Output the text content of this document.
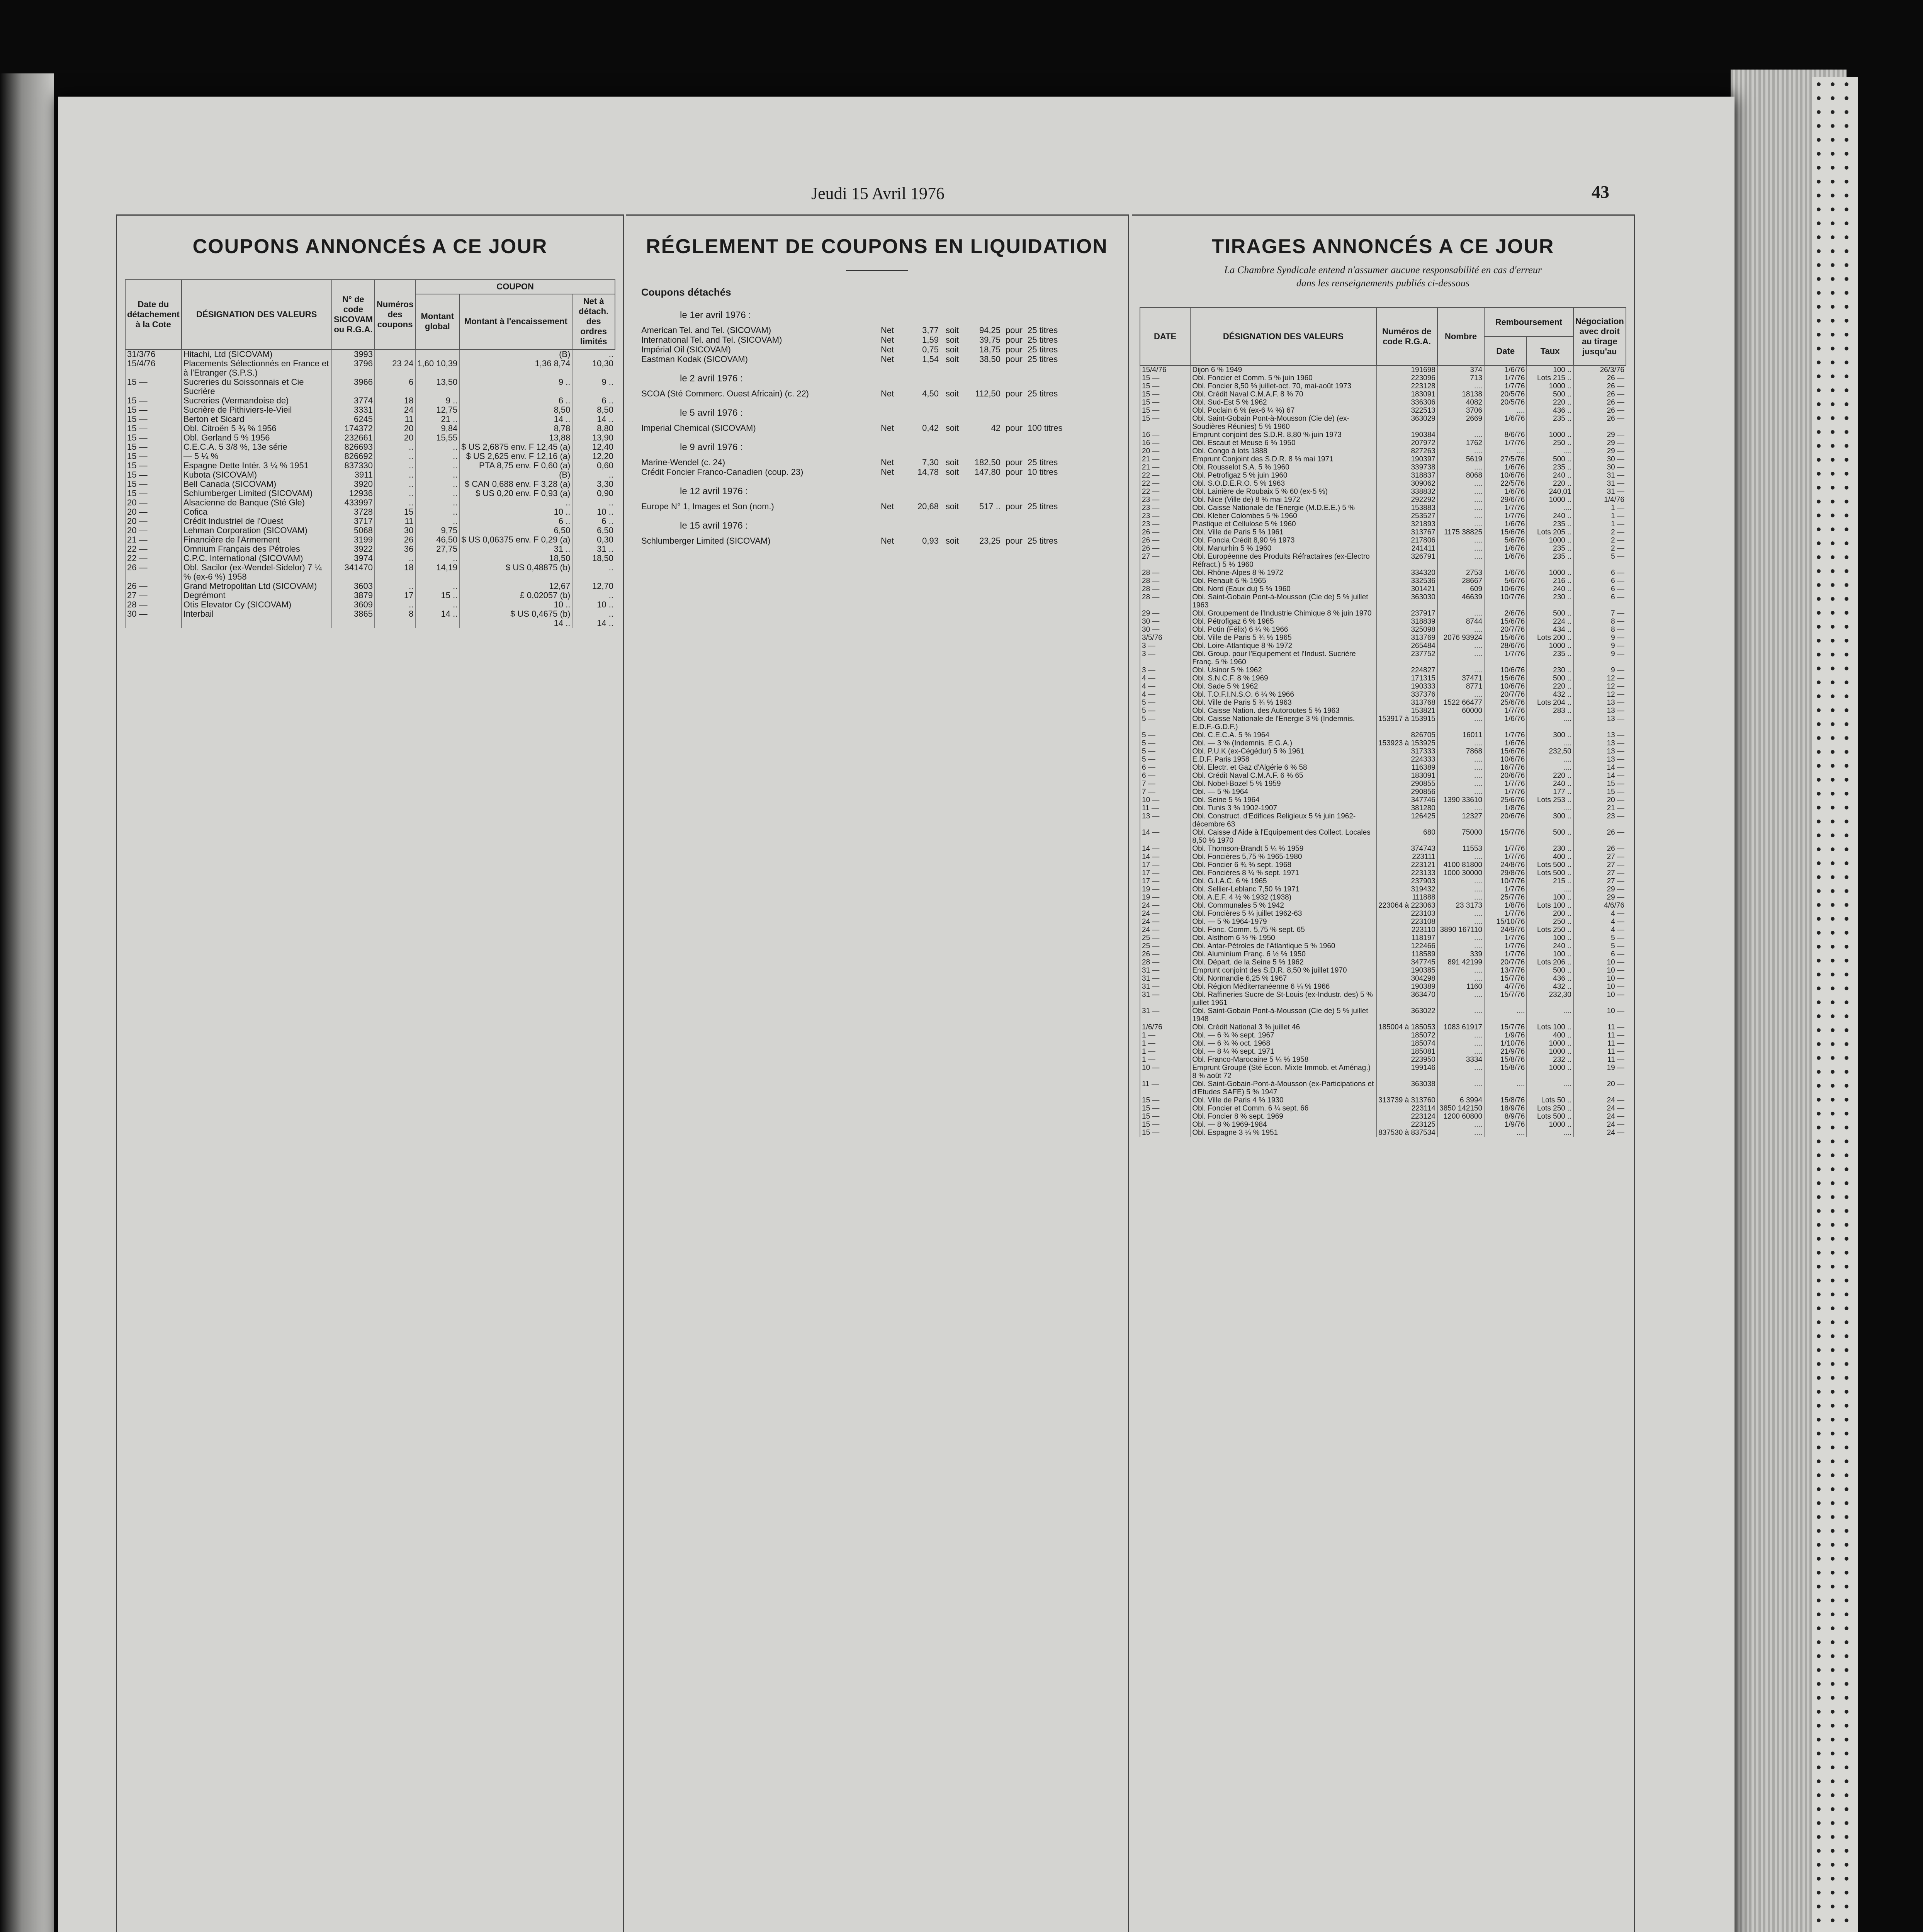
Jeudi 15 Avril 1976	43
COUPONS ANNONCÉS A CE JOUR
Date du détachement à la Cote	DÉSIGNATION DES VALEURS	N° de code SICOVAM ou R.G.A.	Numéros des coupons	COUPON		
				Montant global	Montant à l'encaissement	Net à détach. des ordres limités
31/3/76	Hitachi, Ltd (SICOVAM)	3993			(B)	..
15/4/76	Placements Sélectionnés en France et à l'Etranger (S.P.S.)	3796	23 24	1,60 10,39	1,36 8,74	10,30
15 —	Sucreries du Soissonnais et Cie Sucrière	3966	6	13,50	9 ..	9 ..
15 —	Sucreries (Vermandoise de)	3774	18	9 ..	6 ..	6 ..
15 —	Sucrière de Pithiviers-le-Vieil	3331	24	12,75	8,50	8,50
15 —	Berton et Sicard	6245	11	21 ..	14 ..	14 ..
15 —	Obl. Citroën 5 ¾ % 1956	174372	20	9,84	8,78	8,80
15 —	Obl. Gerland 5 % 1956	232661	20	15,55	13,88	13,90
15 —	C.E.C.A. 5 3/8 %, 13e série	826693	..	..	$ US 2,6875 env. F 12,45 (a)	12,40
15 —	— 5 ¼ %	826692	..	..	$ US 2,625 env. F 12,16 (a)	12,20
15 —	Espagne Dette Intér. 3 ¼ % 1951	837330	..	..	PTA 8,75 env. F 0,60 (a)	0,60
15 —	Kubota (SICOVAM)	3911	..	..	(B)	..
15 —	Bell Canada (SICOVAM)	3920	..	..	$ CAN 0,688 env. F 3,28 (a)	3,30
15 —	Schlumberger Limited (SICOVAM)	12936	..	..	$ US 0,20 env. F 0,93 (a)	0,90
20 —	Alsacienne de Banque (Sté Gle)	433997	..	..	..	..
20 —	Cofica	3728	15	..	10 ..	10 ..
20 —	Crédit Industriel de l'Ouest	3717	11	..	6 ..	6 ..
20 —	Lehman Corporation (SICOVAM)	5068	30	9,75	6,50	6,50
21 —	Financière de l'Armement	3199	26	46,50	$ US 0,06375 env. F 0,29 (a)	0,30
22 —	Omnium Français des Pétroles	3922	36	27,75	31 ..	31 ..
22 —	C.P.C. International (SICOVAM)	3974	..	..	18,50	18,50
26 —	Obl. Sacilor (ex-Wendel-Sidelor) 7 ¼ % (ex-6 %) 1958	341470	18	14,19	$ US 0,48875 (b)	..
26 —	Grand Metropolitan Ltd (SICOVAM)	3603	..	..	12,67	12,70
27 —	Degrémont	3879	17	15 ..	£ 0,02057 (b)	..
28 —	Otis Elevator Cy (SICOVAM)	3609	..	..	10 ..	10 ..
30 —	Interbail	3865	8	14 ..	$ US 0,4675 (b)	..
					14 ..	14 ..
RÉGLEMENT DE COUPONS EN LIQUIDATION
Coupons détachés
le 1er avril 1976 :
American Tel. and Tel. (SICOVAM)	Net	3,77 soit	94,25 pour 25 titres
International Tel. and Tel. (SICOVAM)	Net	1,59 soit	39,75 pour 25 titres
Impérial Oil (SICOVAM)	Net	0,75 soit	18,75 pour 25 titres
Eastman Kodak (SICOVAM)	Net	1,54 soit	38,50 pour 25 titres
le 2 avril 1976 :
SCOA (Sté Commerc. Ouest Africain) (c. 22)	Net	4,50 soit	112,50 pour 25 titres
le 5 avril 1976 :
Imperial Chemical (SICOVAM)	Net	0,42 soit	42 pour 100 titres
le 9 avril 1976 :
Marine-Wendel (c. 24)	Net	7,30 soit	182,50 pour 25 titres
Crédit Foncier Franco-Canadien (coup. 23)	Net	14,78 soit	147,80 pour 10 titres
le 12 avril 1976 :
Europe N° 1, Images et Son (nom.)	Net	20,68 soit	517 .. pour 25 titres
le 15 avril 1976 :
Schlumberger Limited (SICOVAM)	Net	0,93 soit	23,25 pour 25 titres
TIRAGES ANNONCÉS A CE JOUR
La Chambre Syndicale entend n'assumer aucune responsabilité en cas d'erreur
dans les renseignements publiés ci-dessous
DATE	DÉSIGNATION DES VALEURS	Numéros de code R.G.A.	Nombre	Remboursement		Négociation avec droit au tirage jusqu'au
				Date	Taux	
15/4/76	Dijon 6 % 1949	191698	374	1/6/76	100 ..	26/3/76
15 —	Obl. Foncier et Comm. 5 % juin 1960	223096	713	1/7/76	Lots 215 ..	26 —
15 —	Obl. Foncier 8,50 % juillet-oct. 70, mai-août 1973	223128	....	1/7/76	1000 ..	26 —
15 —	Obl. Crédit Naval C.M.A.F. 8 % 70	183091	18138	20/5/76	500 ..	26 —
15 —	Obl. Sud-Est 5 % 1962	336306	4082	20/5/76	220 ..	26 —
15 —	Obl. Poclain 6 % (ex-6 ¼ %) 67	322513	3706	....	436 ..	26 —
15 —	Obl. Saint-Gobain Pont-à-Mousson (Cie de) (ex-Soudières Réunies) 5 % 1960	363029	2669	1/6/76	235 ..	26 —
16 —	Emprunt conjoint des S.D.R. 8,80 % juin 1973	190384	....	8/6/76	1000 ..	29 —
16 —	Obl. Escaut et Meuse 6 % 1950	207972	1762	1/7/76	250 ..	29 —
20 —	Obl. Congo à lots 1888	827263	....	....	....	29 —
21 —	Emprunt Conjoint des S.D.R. 8 % mai 1971	190397	5619	27/5/76	500 ..	30 —
21 —	Obl. Rousselot S.A. 5 % 1960	339738	....	1/6/76	235 ..	30 —
22 —	Obl. Petrofigaz 5 % juin 1960	318837	8068	10/6/76	240 ..	31 —
22 —	Obl. S.O.D.E.R.O. 5 % 1963	309062	....	22/5/76	220 ..	31 —
22 —	Obl. Lainière de Roubaix 5 % 60 (ex-5 %)	338832	....	1/6/76	240,01	31 —
23 —	Obl. Nice (Ville de) 8 % mai 1972	292292	....	29/6/76	1000 ..	1/4/76
23 —	Obl. Caisse Nationale de l'Energie (M.D.E.E.) 5 %	153883	....	1/7/76	....	1 —
23 —	Obl. Kleber Colombes 5 % 1960	253527	....	1/7/76	240 ..	1 —
23 —	Plastique et Cellulose 5 % 1960	321893	....	1/6/76	235 ..	1 —
26 —	Obl. Ville de Paris 5 % 1961	313767	1175 38825	15/6/76	Lots 205 ..	2 —
26 —	Obl. Foncia Crédit 8,90 % 1973	217806	....	5/6/76	1000 ..	2 —
26 —	Obl. Manurhin 5 % 1960	241411	....	1/6/76	235 ..	2 —
27 —	Obl. Européenne des Produits Réfractaires (ex-Electro Réfract.) 5 % 1960	326791	....	1/6/76	235 ..	5 —
28 —	Obl. Rhône-Alpes 8 % 1972	334320	2753	1/6/76	1000 ..	6 —
28 —	Obl. Renault 6 % 1965	332536	28667	5/6/76	216 ..	6 —
28 —	Obl. Nord (Eaux du) 5 % 1960	301421	609	10/6/76	240 ..	6 —
28 —	Obl. Saint-Gobain Pont-à-Mousson (Cie de) 5 % juillet 1963	363030	46639	10/7/76	230 ..	6 —
29 —	Obl. Groupement de l'Industrie Chimique 8 % juin 1970	237917	....	2/6/76	500 ..	7 —
30 —	Obl. Pétrofigaz 6 % 1965	318839	8744	15/6/76	224 ..	8 —
30 —	Obl. Potin (Félix) 6 ¼ % 1966	325098	....	20/7/76	434 ..	8 —
3/5/76	Obl. Ville de Paris 5 ¾ % 1965	313769	2076 93924	15/6/76	Lots 200 ..	9 —
3 —	Obl. Loire-Atlantique 8 % 1972	265484	....	28/6/76	1000 ..	9 —
3 —	Obl. Group. pour l'Equipement et l'Indust. Sucrière Franç. 5 % 1960	237752	....	1/7/76	235 ..	9 —
3 —	Obl. Usinor 5 % 1962	224827	....	10/6/76	230 ..	9 —
4 —	Obl. S.N.C.F. 8 % 1969	171315	37471	15/6/76	500 ..	12 —
4 —	Obl. Sade 5 % 1962	190333	8771	10/6/76	220 ..	12 —
4 —	Obl. T.O.F.I.N.S.O. 6 ¼ % 1966	337376	....	20/7/76	432 ..	12 —
5 —	Obl. Ville de Paris 5 ¾ % 1963	313768	1522 66477	25/6/76	Lots 204 ..	13 —
5 —	Obl. Caisse Nation. des Autoroutes 5 % 1963	153821	60000	1/7/76	283 ..	13 —
5 —	Obl. Caisse Nationale de l'Energie 3 % (Indemnis. E.D.F.-G.D.F.)	153917 à 153915	....	1/6/76	....	13 —
5 —	Obl. C.E.C.A. 5 % 1964	826705	16011	1/7/76	300 ..	13 —
5 —	Obl. — 3 % (Indemnis. E.G.A.)	153923 à 153925	....	1/6/76	....	13 —
5 —	Obl. P.U.K (ex-Cégédur) 5 % 1961	317333	7868	15/6/76	232,50	13 —
5 —	E.D.F. Paris 1958	224333	....	10/6/76	....	13 —
6 —	Obl. Electr. et Gaz d'Algérie 6 % 58	116389	....	16/7/76	....	14 —
6 —	Obl. Crédit Naval C.M.A.F. 6 % 65	183091	....	20/6/76	220 ..	14 —
7 —	Obl. Nobel-Bozel 5 % 1959	290855	....	1/7/76	240 ..	15 —
7 —	Obl. — 5 % 1964	290856	....	1/7/76	177 ..	15 —
10 —	Obl. Seine 5 % 1964	347746	1390 33610	25/6/76	Lots 253 ..	20 —
11 —	Obl. Tunis 3 % 1902-1907	381280	....	1/8/76	....	21 —
13 —	Obl. Construct. d'Edifices Religieux 5 % juin 1962-décembre 63	126425	12327	20/6/76	300 ..	23 —
14 —	Obl. Caisse d'Aide à l'Equipement des Collect. Locales 8,50 % 1970	680	75000	15/7/76	500 ..	26 —
14 —	Obl. Thomson-Brandt 5 ¼ % 1959	374743	11553	1/7/76	230 ..	26 —
14 —	Obl. Foncières 5,75 % 1965-1980	223111	....	1/7/76	400 ..	27 —
17 —	Obl. Foncier 6 ¾ % sept. 1968	223121	4100 81800	24/8/76	Lots 500 ..	27 —
17 —	Obl. Foncières 8 ¼ % sept. 1971	223133	1000 30000	29/8/76	Lots 500 ..	27 —
17 —	Obl. G.I.A.C. 6 % 1965	237903	....	10/7/76	215 ..	27 —
19 —	Obl. Sellier-Leblanc 7,50 % 1971	319432	....	1/7/76	....	29 —
19 —	Obl. A.E.F. 4 ½ % 1932 (1938)	111888	....	25/7/76	100 ..	29 —
24 —	Obl. Communales 5 % 1942	223064 à 223063	23 3173	1/8/76	Lots 100 ..	4/6/76
24 —	Obl. Foncières 5 ¼ juillet 1962-63	223103	....	1/7/76	200 ..	4 —
24 —	Obl. — 5 % 1964-1979	223108	....	15/10/76	250 ..	4 —
24 —	Obl. Fonc. Comm. 5,75 % sept. 65	223110	3890 167110	24/9/76	Lots 250 ..	4 —
25 —	Obl. Alsthom 6 ½ % 1950	118197	....	1/7/76	100 ..	5 —
25 —	Obl. Antar-Pétroles de l'Atlantique 5 % 1960	122466	....	1/7/76	240 ..	5 —
26 —	Obl. Aluminium Franç. 6 ½ % 1950	118589	339	1/7/76	100 ..	6 —
28 —	Obl. Départ. de la Seine 5 % 1962	347745	891 42199	20/7/76	Lots 206 ..	10 —
31 —	Emprunt conjoint des S.D.R. 8,50 % juillet 1970	190385	....	13/7/76	500 ..	10 —
31 —	Obl. Normandie 6,25 % 1967	304298	....	15/7/76	436 ..	10 —
31 —	Obl. Région Méditerranéenne 6 ¼ % 1966	190389	1160	4/7/76	432 ..	10 —
31 —	Obl. Raffineries Sucre de St-Louis (ex-Industr. des) 5 % juillet 1961	363470	....	15/7/76	232,30	10 —
31 —	Obl. Saint-Gobain Pont-à-Mousson (Cie de) 5 % juillet 1948	363022	....	....	....	10 —
1/6/76	Obl. Crédit National 3 % juillet 46	185004 à 185053	1083 61917	15/7/76	Lots 100 ..	11 —
1 —	Obl. — 6 ¾ % sept. 1967	185072	....	1/9/76	400 ..	11 —
1 —	Obl. — 6 ¾ % oct. 1968	185074	....	1/10/76	1000 ..	11 —
1 —	Obl. — 8 ¼ % sept. 1971	185081	....	21/9/76	1000 ..	11 —
1 —	Obl. Franco-Marocaine 5 ¼ % 1958	223950	3334	15/8/76	232 ..	11 —
10 —	Emprunt Groupé (Sté Econ. Mixte Immob. et Aménag.) 8 % août 72	199146	....	15/8/76	1000 ..	19 —
11 —	Obl. Saint-Gobain-Pont-à-Mousson (ex-Participations et d'Etudes SAFE) 5 % 1947	363038	....	....	....	20 —
15 —	Obl. Ville de Paris 4 % 1930	313739 à 313760	6 3994	15/8/76	Lots 50 ..	24 —
15 —	Obl. Foncier et Comm. 6 ¼ sept. 66	223114	3850 142150	18/9/76	Lots 250 ..	24 —
15 —	Obl. Foncier 8 % sept. 1969	223124	1200 60800	8/9/76	Lots 500 ..	24 —
15 —	Obl. — 8 % 1969-1984	223125	....	1/9/76	1000 ..	24 —
15 —	Obl. Espagne 3 ¼ % 1951	837530 à 837534	....	....	....	24 —
